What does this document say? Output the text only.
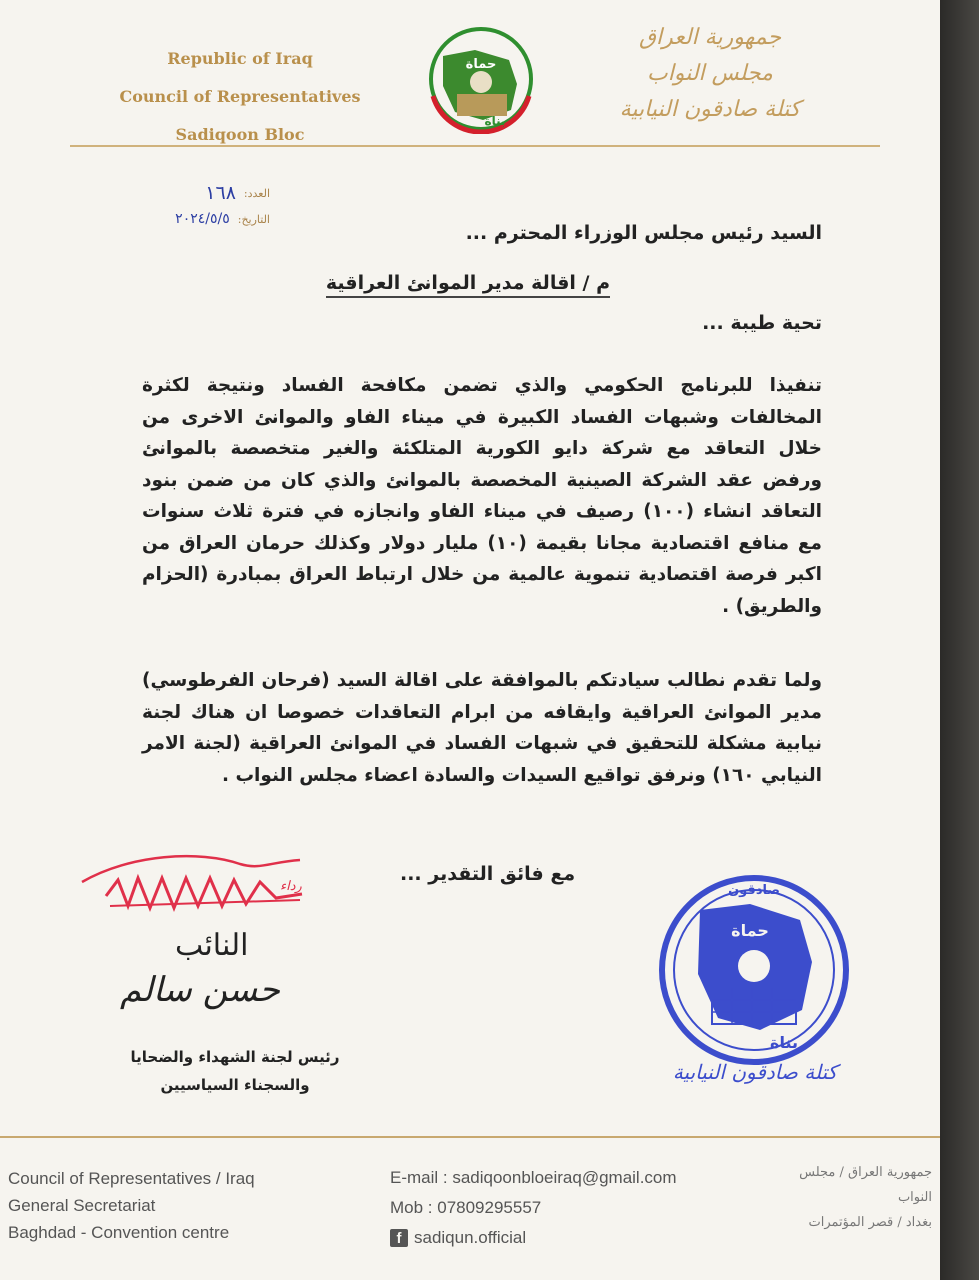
Republic of Iraq
Council of Representatives
Sadiqoon Bloc
حماة
بناة
جمهورية العراق
مجلس النواب
كتلة صادقون النيابية
العدد:
١٦٨
التاريخ:
٢٠٢٤/٥/٥
السيد رئيس مجلس الوزراء المحترم ...
م / اقالة مدير الموانئ العراقية
تحية طيبة ...
تنفيذا للبرنامج الحكومي والذي تضمن مكافحة الفساد ونتيجة لكثرة المخالفات وشبهات الفساد الكبيرة في ميناء الفاو والموانئ الاخرى من خلال التعاقد مع شركة دايو الكورية المتلكئة والغير متخصصة بالموانئ ورفض عقد الشركة الصينية المخصصة بالموانئ والذي كان من ضمن بنود التعاقد انشاء (١٠٠) رصيف في ميناء الفاو وانجازه في فترة ثلاث سنوات مع منافع اقتصادية مجانا بقيمة (١٠) مليار دولار وكذلك حرمان العراق من اكبر فرصة اقتصادية تنموية عالمية من خلال ارتباط العراق بمبادرة (الحزام والطريق) .
ولما تقدم نطالب سيادتكم بالموافقة على اقالة السيد (فرحان الفرطوسي) مدير الموانئ العراقية وايقافه من ابرام التعاقدات خصوصا ان هناك لجنة نيابية مشكلة للتحقيق في شبهات الفساد في الموانئ العراقية (لجنة الامر النيابي ١٦٠) ونرفق تواقيع السيدات والسادة اعضاء مجلس النواب .
مع فائق التقدير ...
رداء
النائب
حسن سالم
رئيس لجنة الشهداء والضحايا
والسجناء السياسيين
صادقون
حماة
بناة
كتلة صادقون النيابية
Council of Representatives / Iraq
General Secretariat
Baghdad - Convention centre
E-mail : sadiqoonbloeiraq@gmail.com
Mob : 07809295557
f sadiqun.official
جمهورية العراق / مجلس النواب
بغداد / قصر المؤتمرات
